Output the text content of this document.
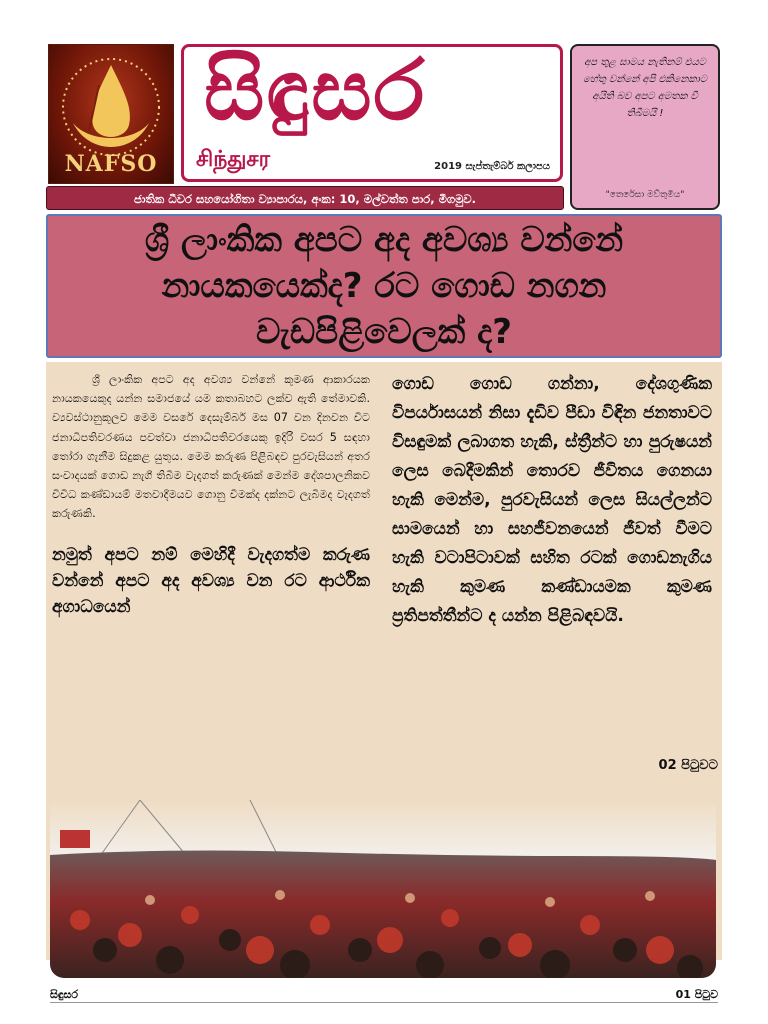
NAFSO
සිඳුසර
சிந்துசர	2019 සැප්තැම්බර් කලාපය
අප තුළ සාමය නැතිනම් එයට හේතු වන්නේ අපි එකිනෙකාට අයිති බව අපට අමතක වී තිබීමයි !
"තෙරේසා මව්තුමිය"
ජාතික ධීවර සහයෝගිතා ව්‍යාපාරය, අංක: 10, මල්වත්ත පාර, මීගමුව.
ශ්‍රී ලාංකික අපට අද අවශ්‍ය වන්නේ නායකයෙක්ද? රට ගොඩ නගන වැඩපිළිවෙලක් ද?
ශ්‍රී ලාංකික අපට අද අවශ්‍ය වන්නේ කුමණ ආකාරයක නායකයෙකුද යන්න සමාජයේ යම කතාබහට ලක්ව ඇති තේමාවකි. ව්‍යවස්ථානුකූලව මෙම වසරේ දෙසැම්බර් මස 07 වන දිනවන විට ජනාධිපතිවරණය පවත්වා ජනාධිපතිවරයෙකු ඉදිරි වසර 5 සඳහා තෝරා ගැනීම සිදුකළ යුතුය. මෙම කරුණ පිළිබඳව පුරවැසියන් අතර සංවාදයක් ගොඩ නැගී තිබීම වැදගත් කරුණක් මෙන්ම දේශපාලනිකව විවිධ කණ්ඩායම් මතවාදීමයව ගොනු වීමක්ද දක්නට ලැබීමද වැදගත් කරුණකි.
නමුත් අපට නම් මෙහිදී වැදගත්ම කරුණ වන්නේ අපට අද අවශ්‍ය වන රට ආර්ථික අගාධයෙන්
ගොඩ ගොඩ ගන්නා, දේශගුණික විපර්යාසයන් නිසා දැඩිව පීඩා විඳින ජනතාවට විසඳුමක් ලබාගත හැකි, ස්ත්‍රීන්ට හා පුරුෂයන් ලෙස බෙදීමකින් තොරව ජීවිතය ගෙනයා හැකි මෙන්ම, පුරවැසියන් ලෙස සියල්ලන්ට සාමයෙන් හා සහජීවනයෙන් ජීවත් වීමට හැකි වටාපිටාවක් සහිත රටක් ගොඩනැගිය හැකි කුමණ කණ්ඩායමක කුමණ ප්‍රතිපත්තීන්ට ද යන්න පිළිබඳවයි.
02 පිටුවට
සිඳුසර	01 පිටුව
